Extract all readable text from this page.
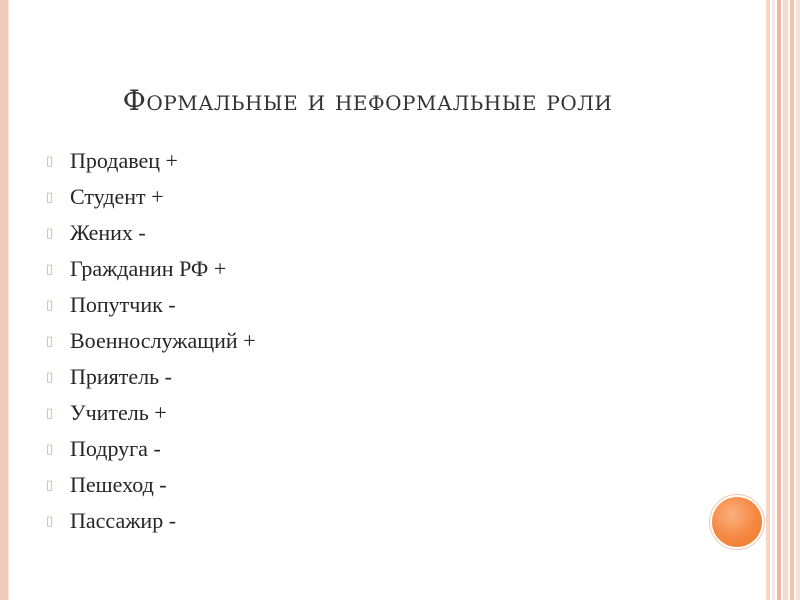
Формальные и неформальные роли
▯ Продавец +
▯ Студент +
▯ Жених -
▯ Гражданин РФ +
▯ Попутчик -
▯ Военнослужащий +
▯ Приятель -
▯ Учитель +
▯ Подруга -
▯ Пешеход -
▯ Пассажир -
